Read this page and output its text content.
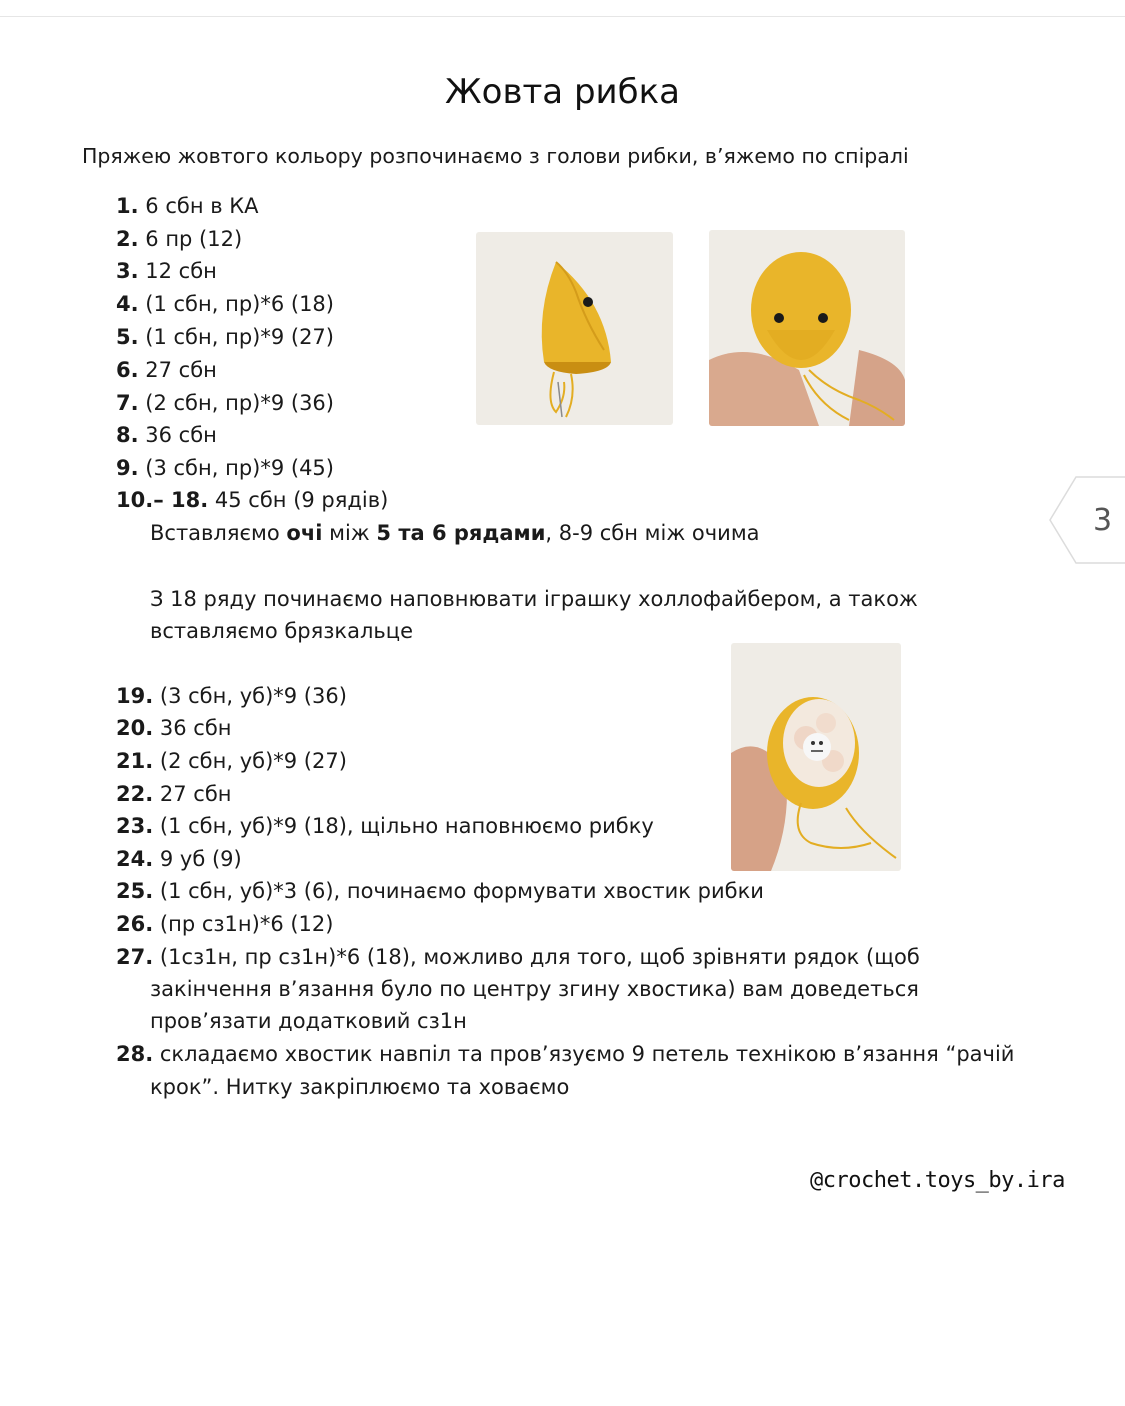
Жовта рибка
Пряжею жовтого кольору розпочинаємо з голови рибки, в’яжемо по спіралі
1. 6 сбн в КА
2. 6 пр (12)
3. 12 сбн
4. (1 сбн, пр)*6 (18)
5. (1 сбн, пр)*9 (27)
6. 27 сбн
7. (2 сбн, пр)*9 (36)
8. 36 сбн
9. (3 сбн, пр)*9 (45)
10.– 18. 45 сбн (9 рядів)
Вставляємо очі між 5 та 6 рядами, 8-9 сбн між очима
З 18 ряду починаємо наповнювати іграшку холлофайбером, а також
вставляємо брязкальце
19. (3 сбн, уб)*9 (36)
20. 36 сбн
21. (2 сбн, уб)*9 (27)
22. 27 сбн
23. (1 сбн, уб)*9 (18), щільно наповнюємо рибку
24. 9 уб (9)
25. (1 сбн, уб)*3 (6), починаємо формувати хвостик рибки
26. (пр сз1н)*6 (12)
27. (1сз1н, пр сз1н)*6 (18), можливо для того, щоб зрівняти рядок (щоб
закінчення в’язання було по центру згину хвостика) вам доведеться
пров’язати додатковий сз1н
28. складаємо хвостик навпіл та пров’язуємо 9 петель технікою в’язання “рачій
крок”. Нитку закріплюємо та ховаємо
3
@crochet.toys_by.ira
